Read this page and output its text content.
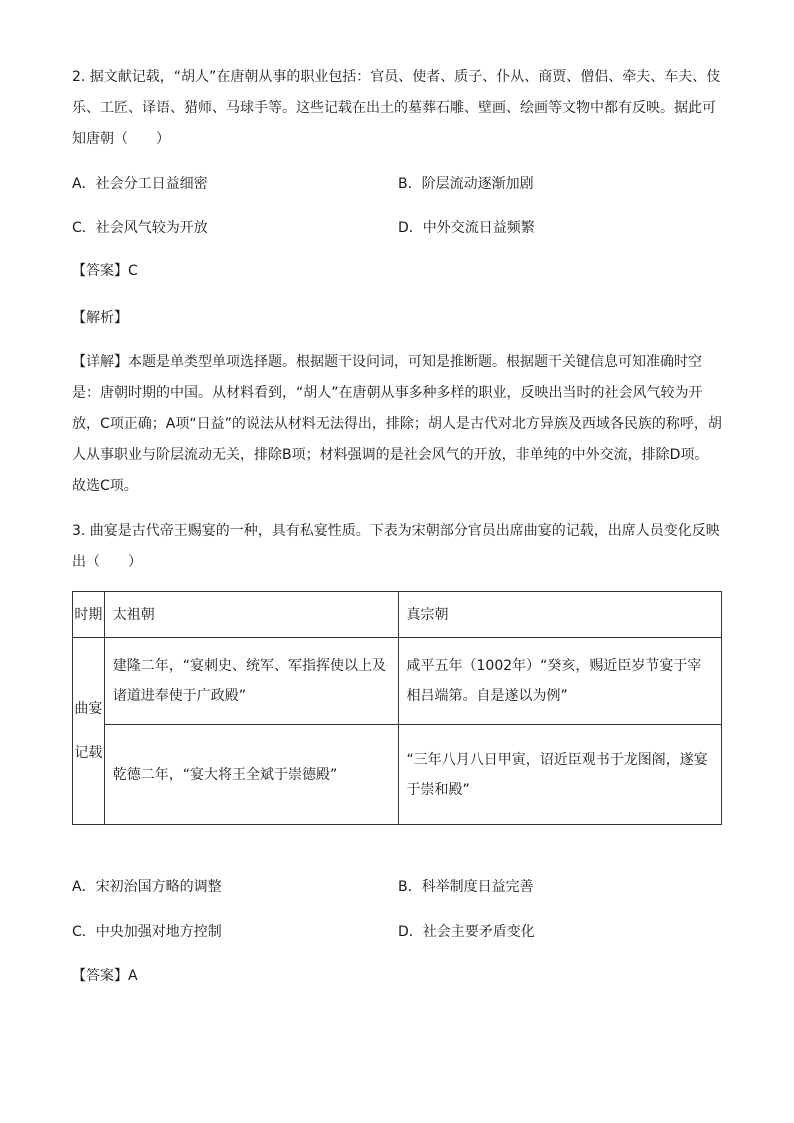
2. 据文献记载，“胡人”在唐朝从事的职业包括：官员、使者、质子、仆从、商贾、僧侣、牵夫、车夫、伎乐、工匠、译语、猎师、马球手等。这些记载在出土的墓葬石雕、壁画、绘画等文物中都有反映。据此可知唐朝（　　）

A．社会分工日益细密	B．阶层流动逐渐加剧
C．社会风气较为开放	D．中外交流日益频繁
【答案】C
【解析】

【详解】本题是单类型单项选择题。根据题干设问词，可知是推断题。根据题干关键信息可知准确时空是：唐朝时期的中国。从材料看到，“胡人”在唐朝从事多种多样的职业，反映出当时的社会风气较为开放，C项正确；A项“日益”的说法从材料无法得出，排除；胡人是古代对北方异族及西域各民族的称呼，胡人从事职业与阶层流动无关，排除B项；材料强调的是社会风气的开放，非单纯的中外交流，排除D项。故选C项。

3. 曲宴是古代帝王赐宴的一种，具有私宴性质。下表为宋朝部分官员出席曲宴的记载，出席人员变化反映出（　　）

时期	太祖朝	真宗朝

曲宴
记载	建隆二年，“宴刺史、统军、军指挥使以上及诸道进奉使于广政殿”	咸平五年（1002年）“癸亥，赐近臣岁节宴于宰相吕端第。自是遂以为例”
	乾德二年，“宴大将王全斌于崇德殿”	“三年八月八日甲寅，诏近臣观书于龙图阁，遂宴于崇和殿”
A．宋初治国方略的调整	B．科举制度日益完善
C．中央加强对地方控制	D．社会主要矛盾变化
【答案】A
